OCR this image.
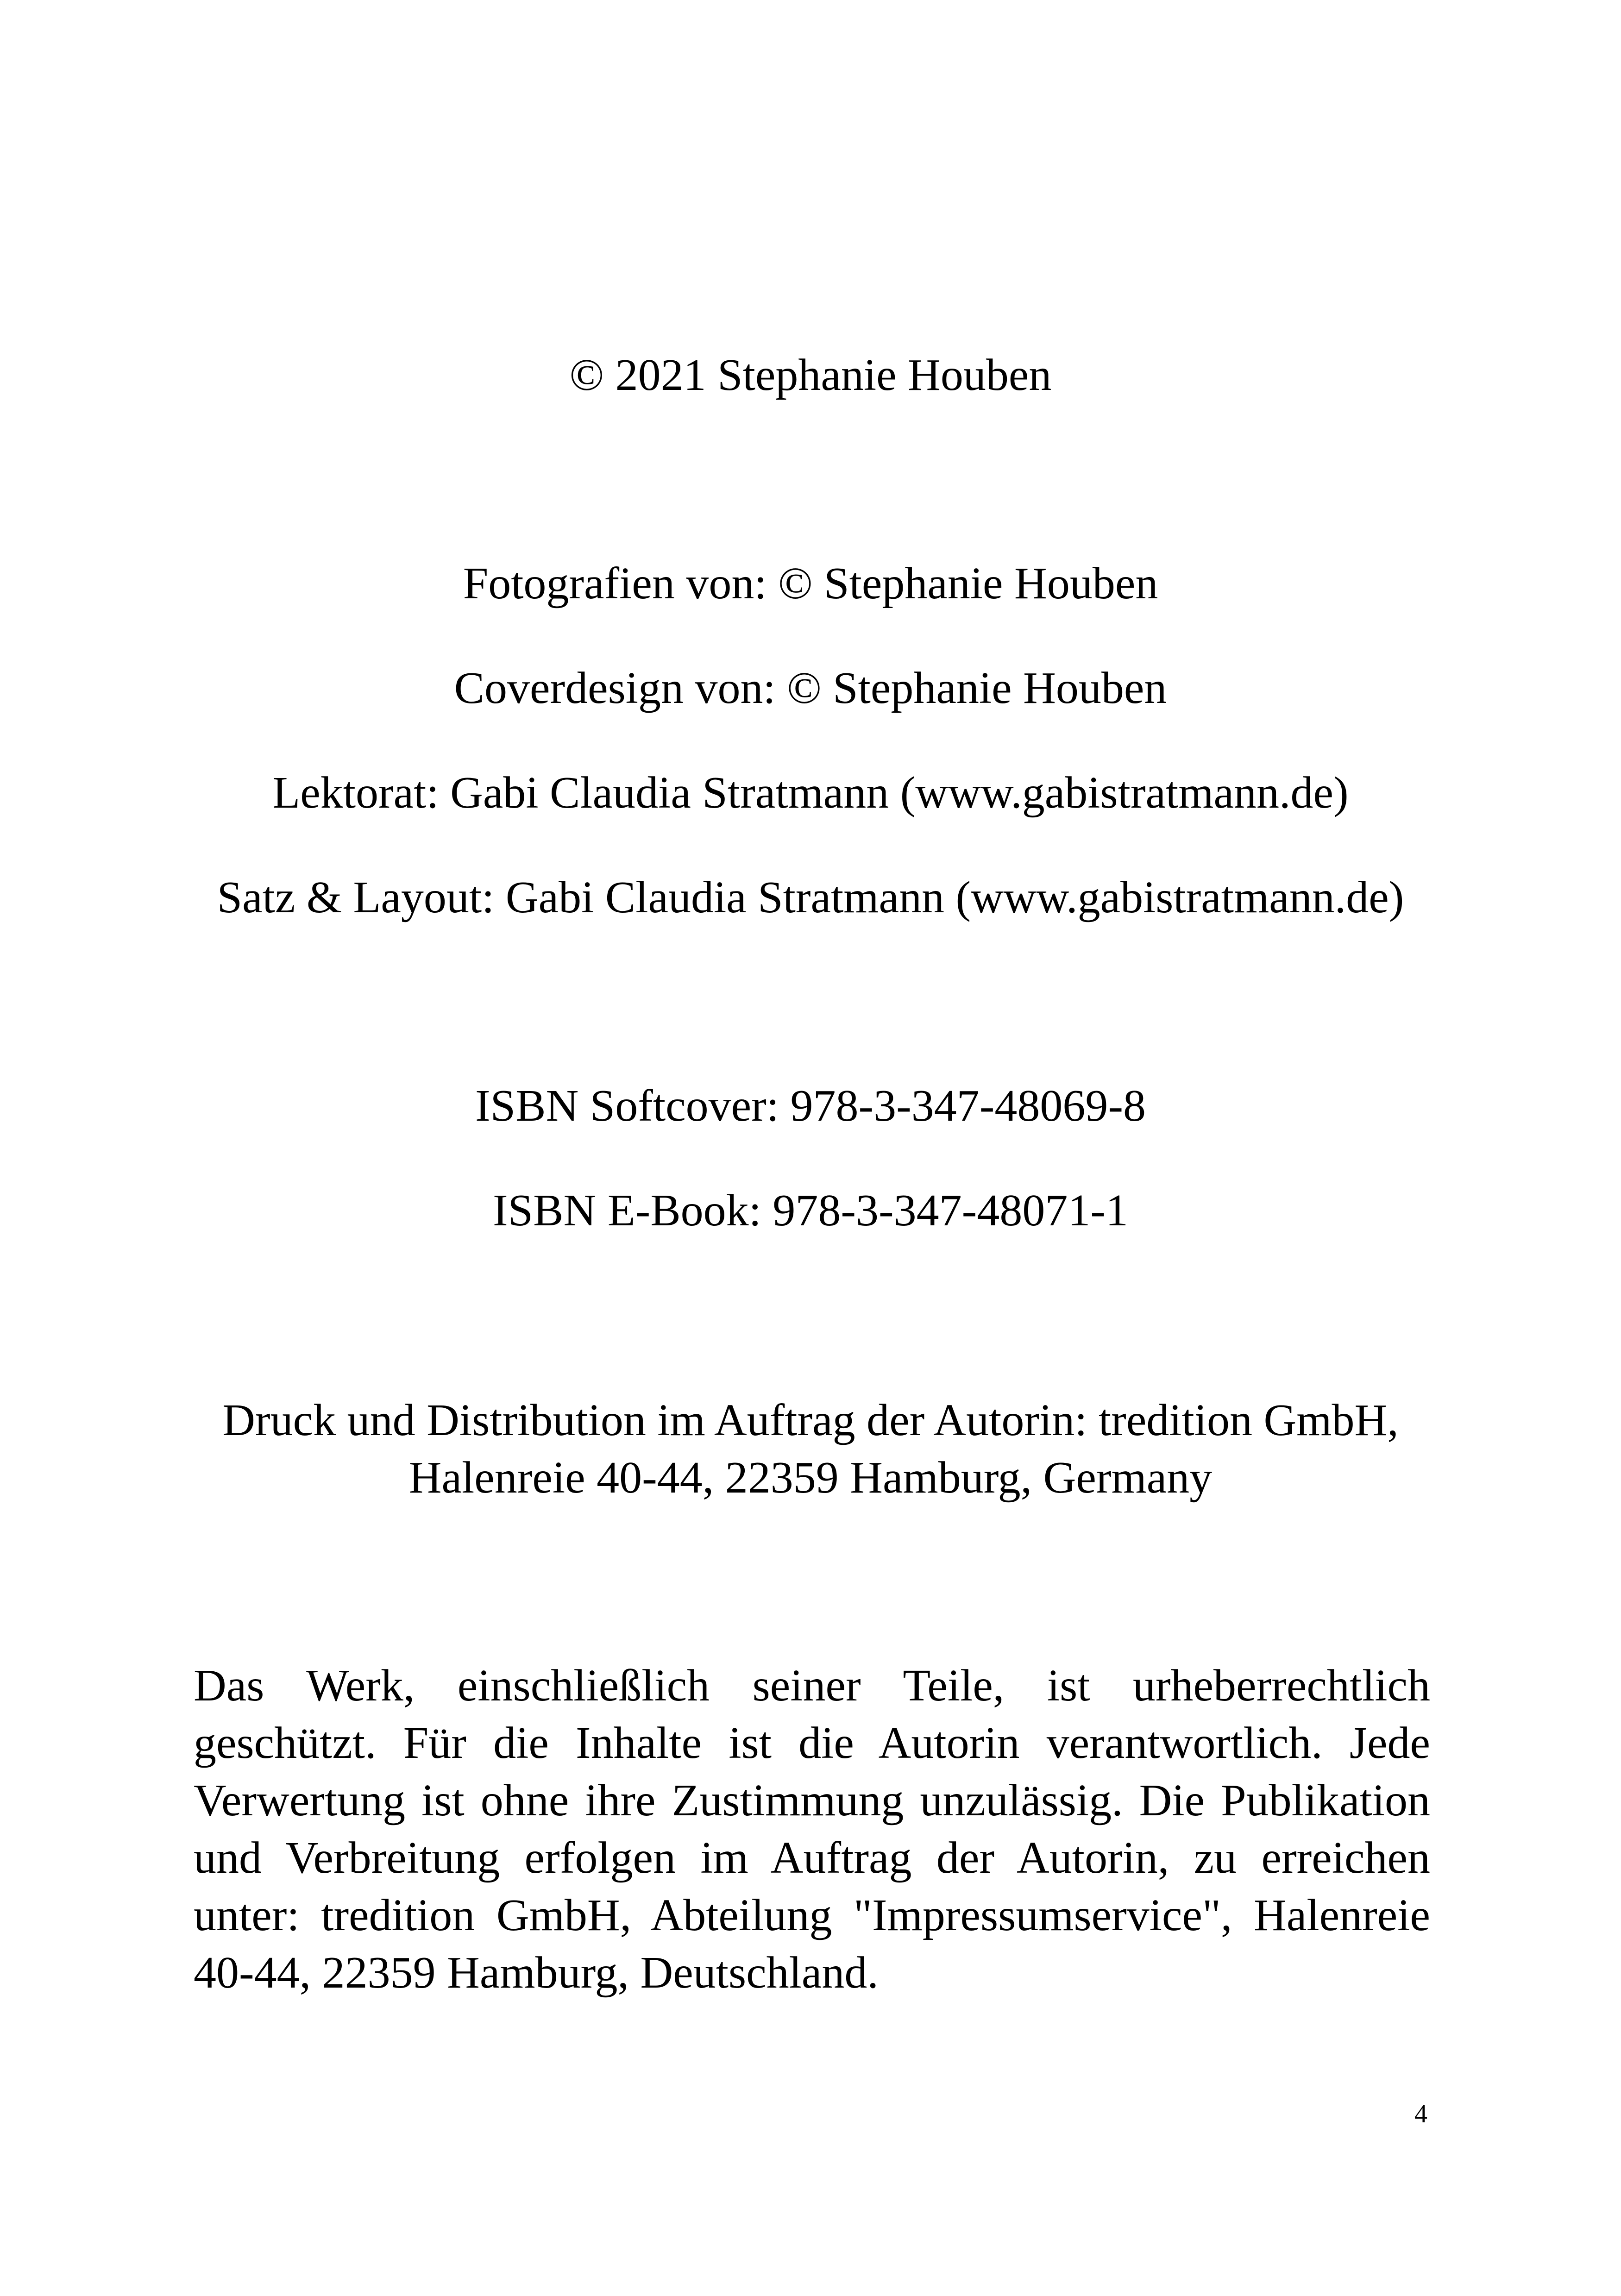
© 2021 Stephanie Houben
Fotografien von: © Stephanie Houben
Coverdesign von: © Stephanie Houben
Lektorat: Gabi Claudia Stratmann (www.gabistratmann.de)
Satz & Layout: Gabi Claudia Stratmann (www.gabistratmann.de)
ISBN Softcover: 978-3-347-48069-8
ISBN E-Book: 978-3-347-48071-1
Druck und Distribution im Auftrag der Autorin: tredition GmbH,
Halenreie 40-44, 22359 Hamburg, Germany
Das Werk, einschließlich seiner Teile, ist urheberrechtlich
geschützt. Für die Inhalte ist die Autorin verantwortlich. Jede
Verwertung ist ohne ihre Zustimmung unzulässig. Die Publikation
und Verbreitung erfolgen im Auftrag der Autorin, zu erreichen
unter: tredition GmbH, Abteilung "Impressumservice", Halenreie
40-44, 22359 Hamburg, Deutschland.
4
